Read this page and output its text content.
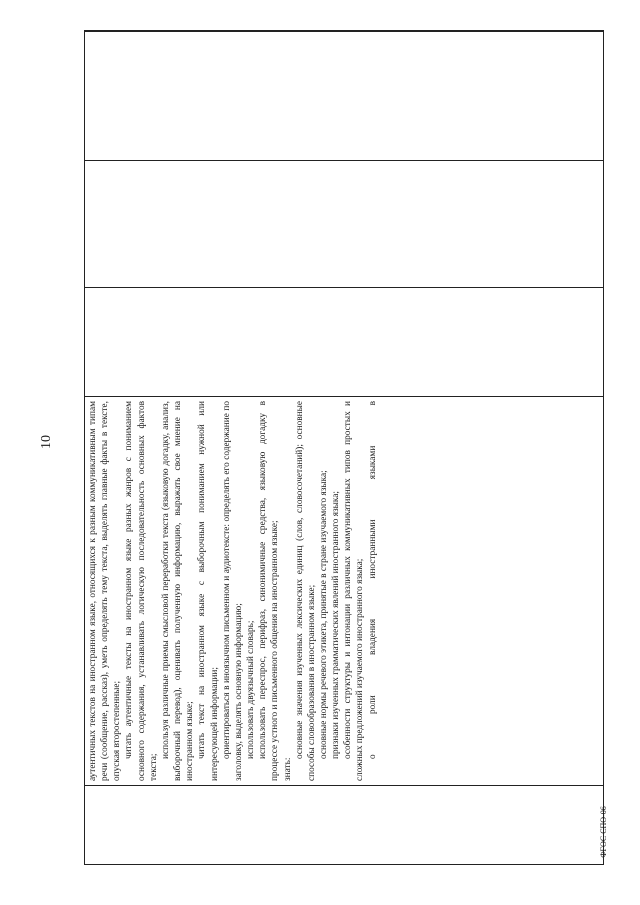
10
		аутентичных текстов на иностранном языке, относящихся к разным коммуникативным типам речи (сообщение, рассказ), уметь определять тему текста, выделять главные факты в тексте, опуская второстепенные; читать аутентичные тексты на иностранном языке разных жанров с пониманием основного содержания, устанавливать логическую последовательность основных фактов текста;

используя различные приемы смысловой переработки текста (языковую догадку, анализ, выборочный перевод), оценивать полученную информацию, выражать свое мнение на иностранном языке; читать текст на иностранном языке с выборочным пониманием нужной или интересующей информации; ориентироваться в иноязычном письменном и аудиотексте: определять его содержание по заголовку, выделять основную информацию; использовать двуязычный словарь; использовать переспрос, перифраз, синонимичные средства, языковую догадку в процессе устного и письменного общения на иностранном языке; знать:

основные значения изученных лексических единиц (слов, словосочетаний); основные способы словообразования в иностранном языке; основные нормы речевого этикета, принятые в стране изучаемого языка; признаки изученных грамматических явлений иностранного языка; особенности структуры и интонации различных коммуникативных типов простых и сложных предложений изучаемого иностранного языка; о роли владения иностранными языками в

ФГОС СПО-06
